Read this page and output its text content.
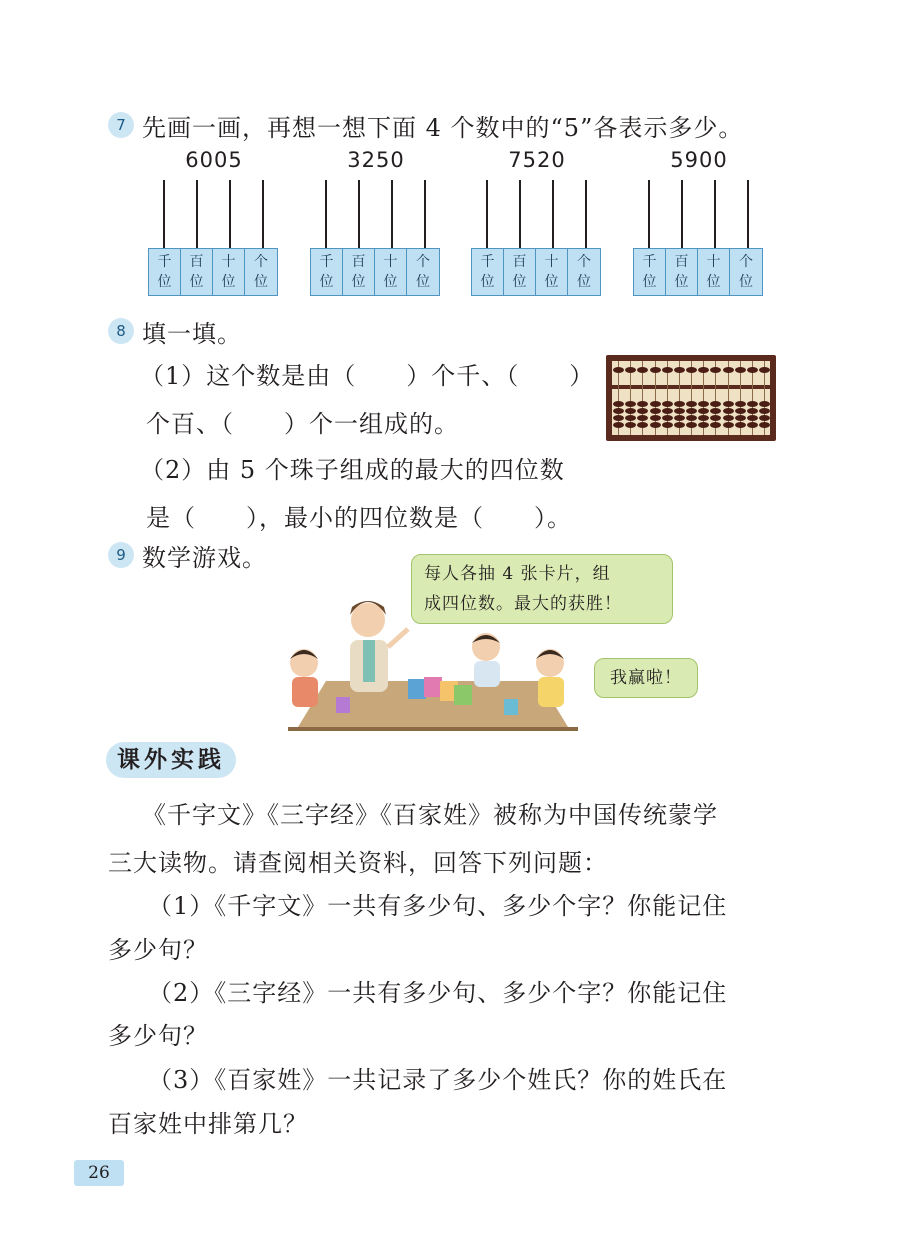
7 先画一画，再想一想下面 4 个数中的“5”各表示多少。
6005
千
位
百
位
十
位
个
位
3250
千
位
百
位
十
位
个
位
7520
千
位
百
位
十
位
个
位
5900
千
位
百
位
十
位
个
位
8 填一填。
（1）这个数是由（　　）个千、（　　）
个百、（　　）个一组成的。
（2）由 5 个珠子组成的最大的四位数
是（　　），最小的四位数是（　　）。
9 数学游戏。
每人各抽 4 张卡片，组
成四位数。最大的获胜！
我赢啦！
课外实践
《千字文》《三字经》《百家姓》被称为中国传统蒙学
三大读物。请查阅相关资料，回答下列问题：
（1）《千字文》一共有多少句、多少个字？你能记住
多少句？
（2）《三字经》一共有多少句、多少个字？你能记住
多少句？
（3）《百家姓》一共记录了多少个姓氏？你的姓氏在
百家姓中排第几？
26
